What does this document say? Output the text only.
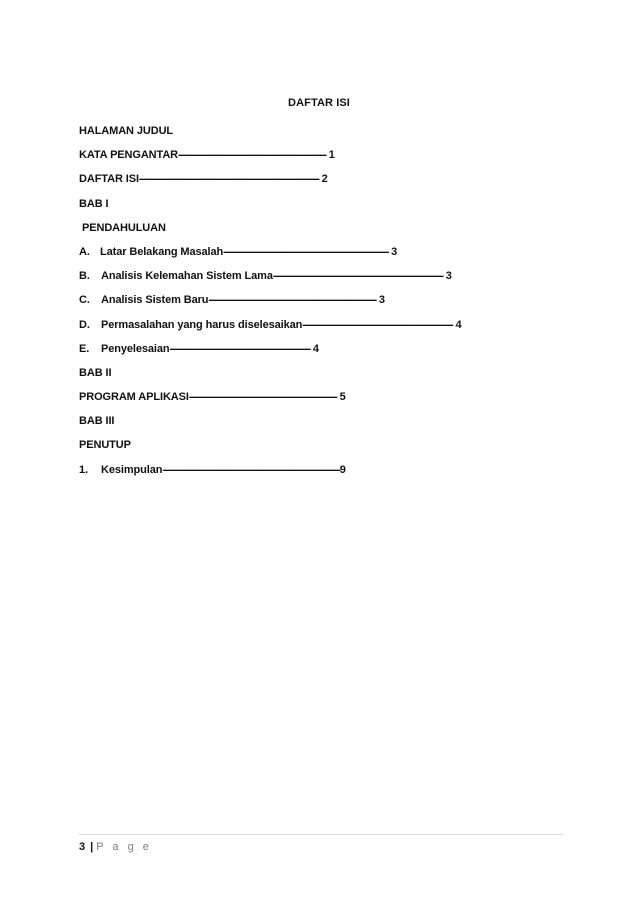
DAFTAR ISI
HALAMAN JUDUL
KATA PENGANTAR------------------------------------------------------------ 1
DAFTAR ISI------------------------------------------------------------------------- 2
BAB I
PENDAHULUAN
A. Latar Belakang Masalah------------------------------------------------------------------- 3
B. Analisis Kelemahan Sistem Lama--------------------------------------------------------------------- 3
C. Analisis Sistem Baru-------------------------------------------------------------------- 3
D. Permasalahan yang harus diselesaikan------------------------------------------------------------- 4
E. Penyelesaian--------------------------------------------------------- 4
BAB II
PROGRAM APLIKASI------------------------------------------------------------ 5
BAB III
PENUTUP
1. Kesimpulan------------------------------------------------------------------------9
3 | P a g e
